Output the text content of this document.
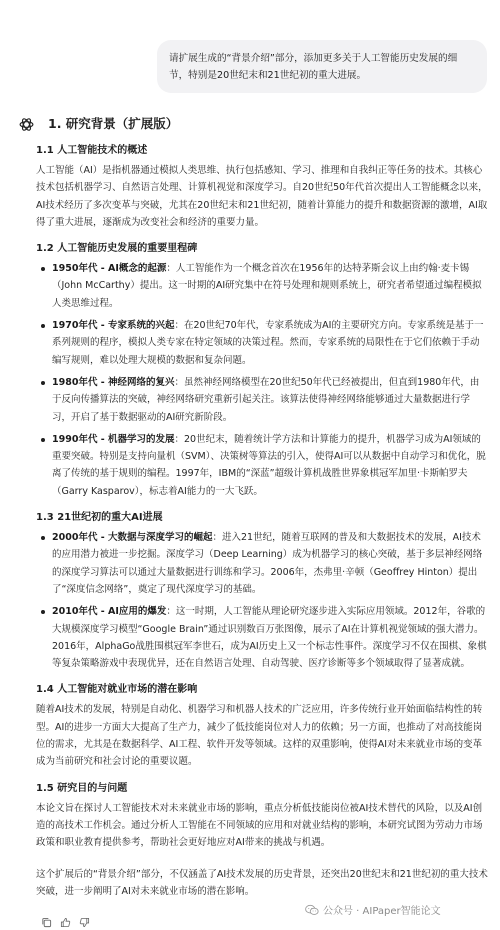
请扩展生成的“背景介绍”部分，添加更多关于人工智能历史发展的细节，特别是20世纪末和21世纪初的重大进展。
1. 研究背景（扩展版）
1.1 人工智能技术的概述
人工智能（AI）是指机器通过模拟人类思维、执行包括感知、学习、推理和自我纠正等任务的技术。其核心技术包括机器学习、自然语言处理、计算机视觉和深度学习。自20世纪50年代首次提出人工智能概念以来，AI技术经历了多次变革与突破，尤其在20世纪末和21世纪初，随着计算能力的提升和数据资源的激增，AI取得了重大进展，逐渐成为改变社会和经济的重要力量。
1.2 人工智能历史发展的重要里程碑
1950年代 - AI概念的起源：人工智能作为一个概念首次在1956年的达特茅斯会议上由约翰·麦卡锡（John McCarthy）提出。这一时期的AI研究集中在符号处理和规则系统上，研究者希望通过编程模拟人类思维过程。
1970年代 - 专家系统的兴起：在20世纪70年代，专家系统成为AI的主要研究方向。专家系统是基于一系列规则的程序，模拟人类专家在特定领域的决策过程。然而，专家系统的局限性在于它们依赖于手动编写规则，难以处理大规模的数据和复杂问题。
1980年代 - 神经网络的复兴：虽然神经网络模型在20世纪50年代已经被提出，但直到1980年代，由于反向传播算法的突破，神经网络研究重新引起关注。该算法使得神经网络能够通过大量数据进行学习，开启了基于数据驱动的AI研究新阶段。
1990年代 - 机器学习的发展：20世纪末，随着统计学方法和计算能力的提升，机器学习成为AI领域的重要突破。特别是支持向量机（SVM）、决策树等算法的引入，使得AI可以从数据中自动学习和优化，脱离了传统的基于规则的编程。1997年，IBM的“深蓝”超级计算机战胜世界象棋冠军加里·卡斯帕罗夫（Garry Kasparov），标志着AI能力的一大飞跃。
1.3 21世纪初的重大AI进展
2000年代 - 大数据与深度学习的崛起：进入21世纪，随着互联网的普及和大数据技术的发展，AI技术的应用潜力被进一步挖掘。深度学习（Deep Learning）成为机器学习的核心突破，基于多层神经网络的深度学习算法可以通过大量数据进行训练和学习。2006年，杰弗里·辛顿（Geoffrey Hinton）提出了“深度信念网络”，奠定了现代深度学习的基础。
2010年代 - AI应用的爆发：这一时期，人工智能从理论研究逐步进入实际应用领域。2012年，谷歌的大规模深度学习模型“Google Brain”通过识别数百万张图像，展示了AI在计算机视觉领域的强大潜力。2016年，AlphaGo战胜围棋冠军李世石，成为AI历史上又一个标志性事件。深度学习不仅在围棋、象棋等复杂策略游戏中表现优异，还在自然语言处理、自动驾驶、医疗诊断等多个领域取得了显著成就。
1.4 人工智能对就业市场的潜在影响
随着AI技术的发展，特别是自动化、机器学习和机器人技术的广泛应用，许多传统行业开始面临结构性的转型。AI的进步一方面大大提高了生产力，减少了低技能岗位对人力的依赖；另一方面，也推动了对高技能岗位的需求，尤其是在数据科学、AI工程、软件开发等领域。这样的双重影响，使得AI对未来就业市场的变革成为当前研究和社会讨论的重要议题。
1.5 研究目的与问题
本论文旨在探讨人工智能技术对未来就业市场的影响，重点分析低技能岗位被AI技术替代的风险，以及AI创造的高技术工作机会。通过分析人工智能在不同领域的应用和对就业结构的影响，本研究试图为劳动力市场政策和职业教育提供参考，帮助社会更好地应对AI带来的挑战与机遇。
这个扩展后的“背景介绍”部分，不仅涵盖了AI技术发展的历史背景，还突出20世纪末和21世纪初的重大技术突破，进一步阐明了AI对未来就业市场的潜在影响。
公众号 · AIPaper智能论文
